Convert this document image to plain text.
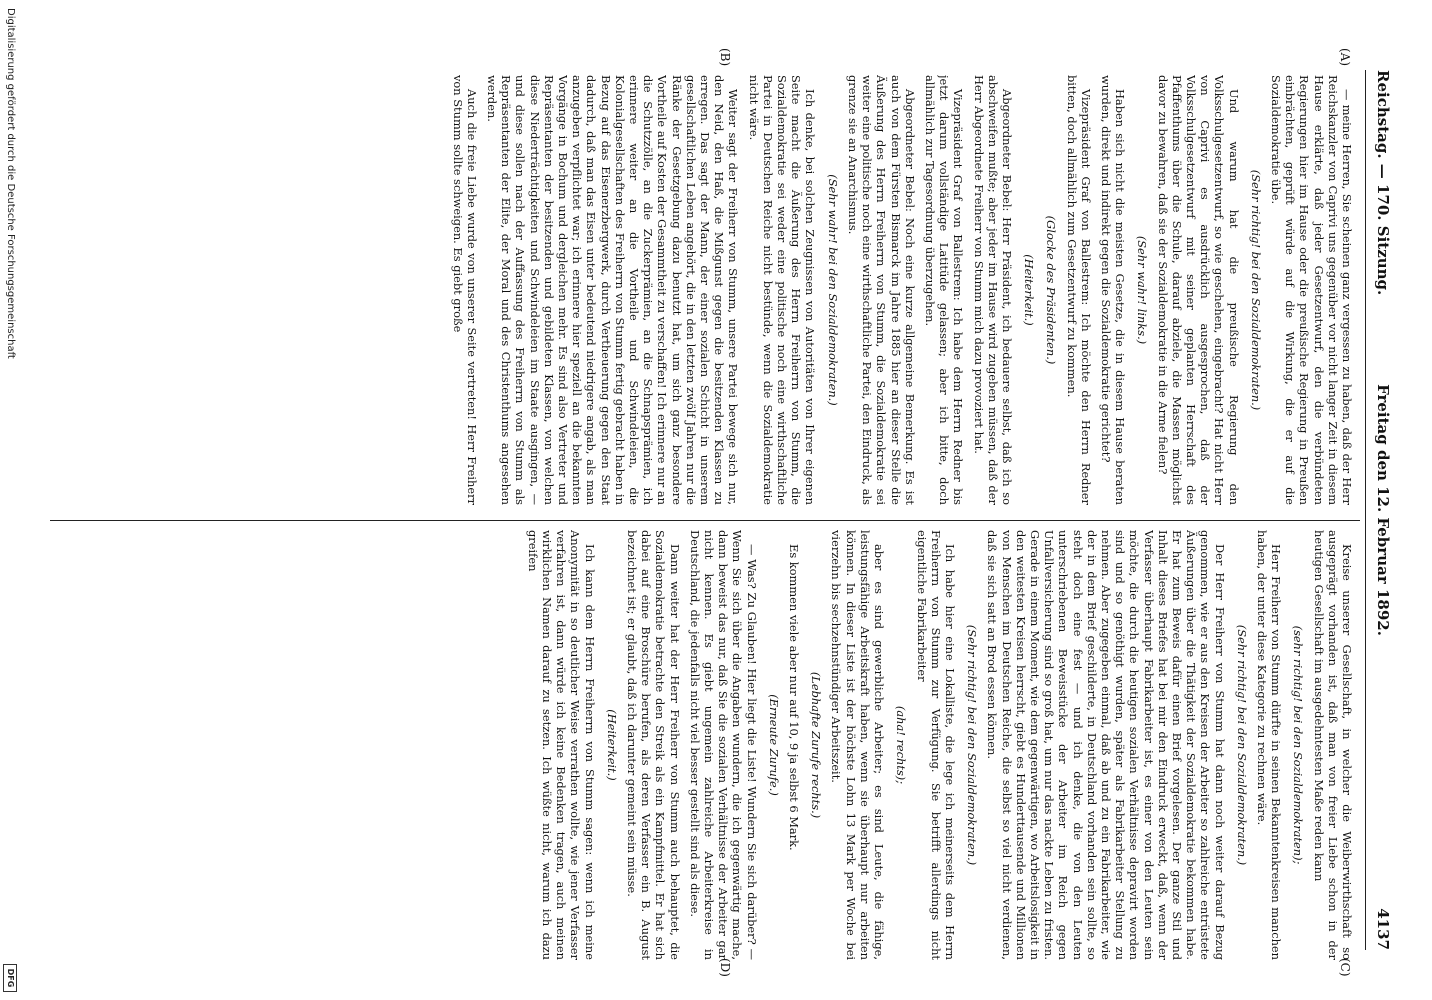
Reichstag. — 170. Sitzung.
Freitag den 12. Februar 1892.
4137
(A)
(B)
(C)
(D)

— meine Herren, Sie scheinen ganz vergessen zu haben, daß der Herr Reichskanzler von Caprivi uns gegenüber vor nicht langer Zeit in diesem Hause erklärte, daß jeder Gesetzentwurf, den die verbündeten Regierungen hier im Hause oder die preußische Regierung in Preußen einbrächten, geprüft würde auf die Wirkung, die er auf die Sozialdemokratie übe.

(Sehr richtig! bei den Sozialdemokraten.)

Und warum hat die preußische Regierung den Volksschulgesetzentwurf, so wie geschehen, eingebracht? Hat nicht Herr von Caprivi es ausdrücklich ausgesprochen, daß der Volksschulgesetzentwurf mit seiner geplanten Herrschaft des Pfaffenthums über die Schule, darauf abziele, die Massen möglichst davor zu bewahren, daß sie der Sozialdemokratie in die Arme fielen?

(Sehr wahr! links.)

Haben sich nicht die meisten Gesetze, die in diesem Hause beraten wurden, direkt und indirekt gegen die Sozialdemokratie gerichtet?

Vizepräsident Graf von Ballestrem: Ich möchte den Herrn Redner bitten, doch allmählich zum Gesetzentwurf zu kommen.

(Glocke des Präsidenten.)

(Heiterkeit.)

Abgeordneter Bebel: Herr Präsident, ich bedauere selbst, daß ich so abschweifen mußte; aber jeder im Hause wird zugeben müssen, daß der Herr Abgeordnete Freiherr von Stumm mich dazu provoziert hat.

Vizepräsident Graf von Ballestrem: Ich habe dem Herrn Redner bis jetzt darum vollständige Latitüde gelassen; aber ich bitte, doch allmählich zur Tagesordnung überzugehen.

Abgeordneter Bebel: Noch eine kurze allgemeine Bemerkung. Es ist auch von dem Fürsten Bismarck im Jahre 1885 hier an dieser Stelle die Äußerung des Herrn Freiherrn von Stumm, die Sozialdemokratie sei weiter eine politische noch eine wirthschaftliche Partei, den Eindruck, als grenze sie an Anarchismus.

(Sehr wahr! bei den Sozialdemokraten.)

Ich denke, bei solchen Zeugnissen von Autoritäten von Ihrer eigenen Seite macht die Äußerung des Herrn Freiherrn von Stumm, die Sozialdemokratie sei weder eine politische noch eine wirthschaftliche Partei in Deutschen Reiche nicht bestünde, wenn die Sozialdemokratie nicht wäre.

Weiter sagt der Freiherr von Stumm, unsere Partei bewege sich nur, den Neid, den Haß, die Mißgunst gegen die besitzenden Klassen zu erregen. Das sagt der Mann, der einer sozialen Schicht in unserem gesellschaftlichen Leben angehört, die in den letzten zwölf Jahren nur die Ränke der Gesetzgebung dazu benutzt hat, um sich ganz besondere Vortheile auf Kosten der Gesammtheit zu verschaffen! Ich erinnere nur an die Schutzzölle, an die Zuckerprämien, an die Schnapsprämien, ich erinnere weiter an die Vortheile und Schwindeleien, die Kolonialgesellschaften des Freiherrn von Stumm fertig gebracht haben in Bezug auf das Eisenerzbergwerk, durch Vertheuerung gegen den Staat dadurch, daß man das Eisen unter bedeutend niedrigere angab, als man anzugeben verpflichtet war; ich erinnere hier speziell an die bekannten Vorgänge in Bochum und dergleichen mehr. Es sind also Vertreter und Repräsentanten der besitzenden und gebildeten Klassen, von welchen diese Niederträchtigkeiten und Schwindeleien im Staate ausgingen, — und diese sollen nach der Auffassung des Freiherrn von Stumm als Repräsentanten der Elite, der Moral und des Christenthums angesehen werden.

Auch die freie Liebe wurde von unserer Seite vertreten! Herr Freiherr von Stumm sollte schweigen. Es giebt große

Kreise unserer Gesellschaft, in welcher die Weiberwirthschaft so ausgeprägt vorhanden ist, daß man von freier Liebe schon in der heutigen Gesellschaft im ausgedehntesten Maße reden kann

(sehr richtig! bei den Sozialdemokraten);

Herr Freiherr von Stumm dürfte in seinen Bekanntenkreisen manchen haben, der unter diese Kategorie zu rechnen wäre.

(Sehr richtig! bei den Sozialdemokraten.)

Der Herr Freiherr von Stumm hat dann noch weiter darauf Bezug genommen, wie er aus den Kreisen der Arbeiter so zahlreiche entrüstete Äußerungen über die Thätigkeit der Sozialdemokratie bekommen habe. Er hat zum Beweis dafür einen Brief vorgelesen. Der ganze Stil und Inhalt dieses Briefes hat bei mir den Eindruck erweckt, daß, wenn der Verfasser überhaupt Fabrikarbeiter ist, es einer von den Leuten sein möchte, die durch die heutigen sozialen Verhältnisse depravirt worden sind und so genöthigt wurden, später als Fabrikarbeiter Stellung zu nehmen. Aber zugegeben einmal, daß ab und zu ein Fabrikarbeiter, wie der in dem Brief geschilderte, in Deutschland vorhanden sein sollte, so steht doch eine fest — und ich denke, die von den Leuten unterschriebenen Beweisstücke der Arbeiter im Reich gegen Unfallversicherung sind so groß hat, um nur das nackte Leben zu fristen. Gerade in einem Moment, wie dem gegenwärtigen, wo Arbeitslosigkeit in den weitesten Kreisen herrscht, giebt es Hunderttausende und Millionen von Menschen im Deutschen Reiche, die selbst so viel nicht verdienen, daß sie sich satt an Brod essen können.

(Sehr richtig! bei den Sozialdemokraten.)

Ich habe hier eine Lokalliste, die lege ich meinerseits dem Herrn Freiherrn von Stumm zur Verfügung. Sie betrifft allerdings nicht eigentliche Fabrikarbeiter

(aha! rechts);

aber es sind gewerbliche Arbeiter; es sind Leute, die fähige, leistungsfähige Arbeitskraft haben, wenn sie überhaupt nur arbeiten können. In dieser Liste ist der höchste Lohn 13 Mark per Woche bei vierzehn bis sechzehnstündiger Arbeitszeit.

(Lebhafte Zurufe rechts.)

Es kommen viele aber nur auf 10, 9 ja selbst 6 Mark.

(Erneute Zurufe.)

— Was? Zu Glauben! Hier liegt die Liste! Wundern Sie sich darüber? — Wenn Sie sich über die Angaben wundern, die ich gegenwärtig mache, dann beweist das nur, daß Sie die sozialen Verhältnisse der Arbeiter gar nicht kennen. Es giebt ungemein zahlreiche Arbeiterkreise in Deutschland, die jedenfalls nicht viel besser gestellt sind als diese.

Dann weiter hat der Herr Freiherr von Stumm auch behauptet, die Sozialdemokratie betrachte den Streik als ein Kampfmittel. Er hat sich dabei auf eine Broschüre berufen, als deren Verfasser ein B. August bezeichnet ist; er glaubt, daß ich darunter gemeint sein müsse.

(Heiterkeit.)

Ich kann dem Herrn Freiherrn von Stumm sagen: wenn ich meine Anonymität in so deutlicher Weise verrathen wollte, wie jener Verfasser verfahren ist, dann würde ich keine Bedenken tragen, auch meinen wirklichen Namen darauf zu setzen. Ich wüßte nicht, warum ich dazu greifen

Digitalisierung gefördert durch die Deutsche Forschungsgemeinschaft
DFG
